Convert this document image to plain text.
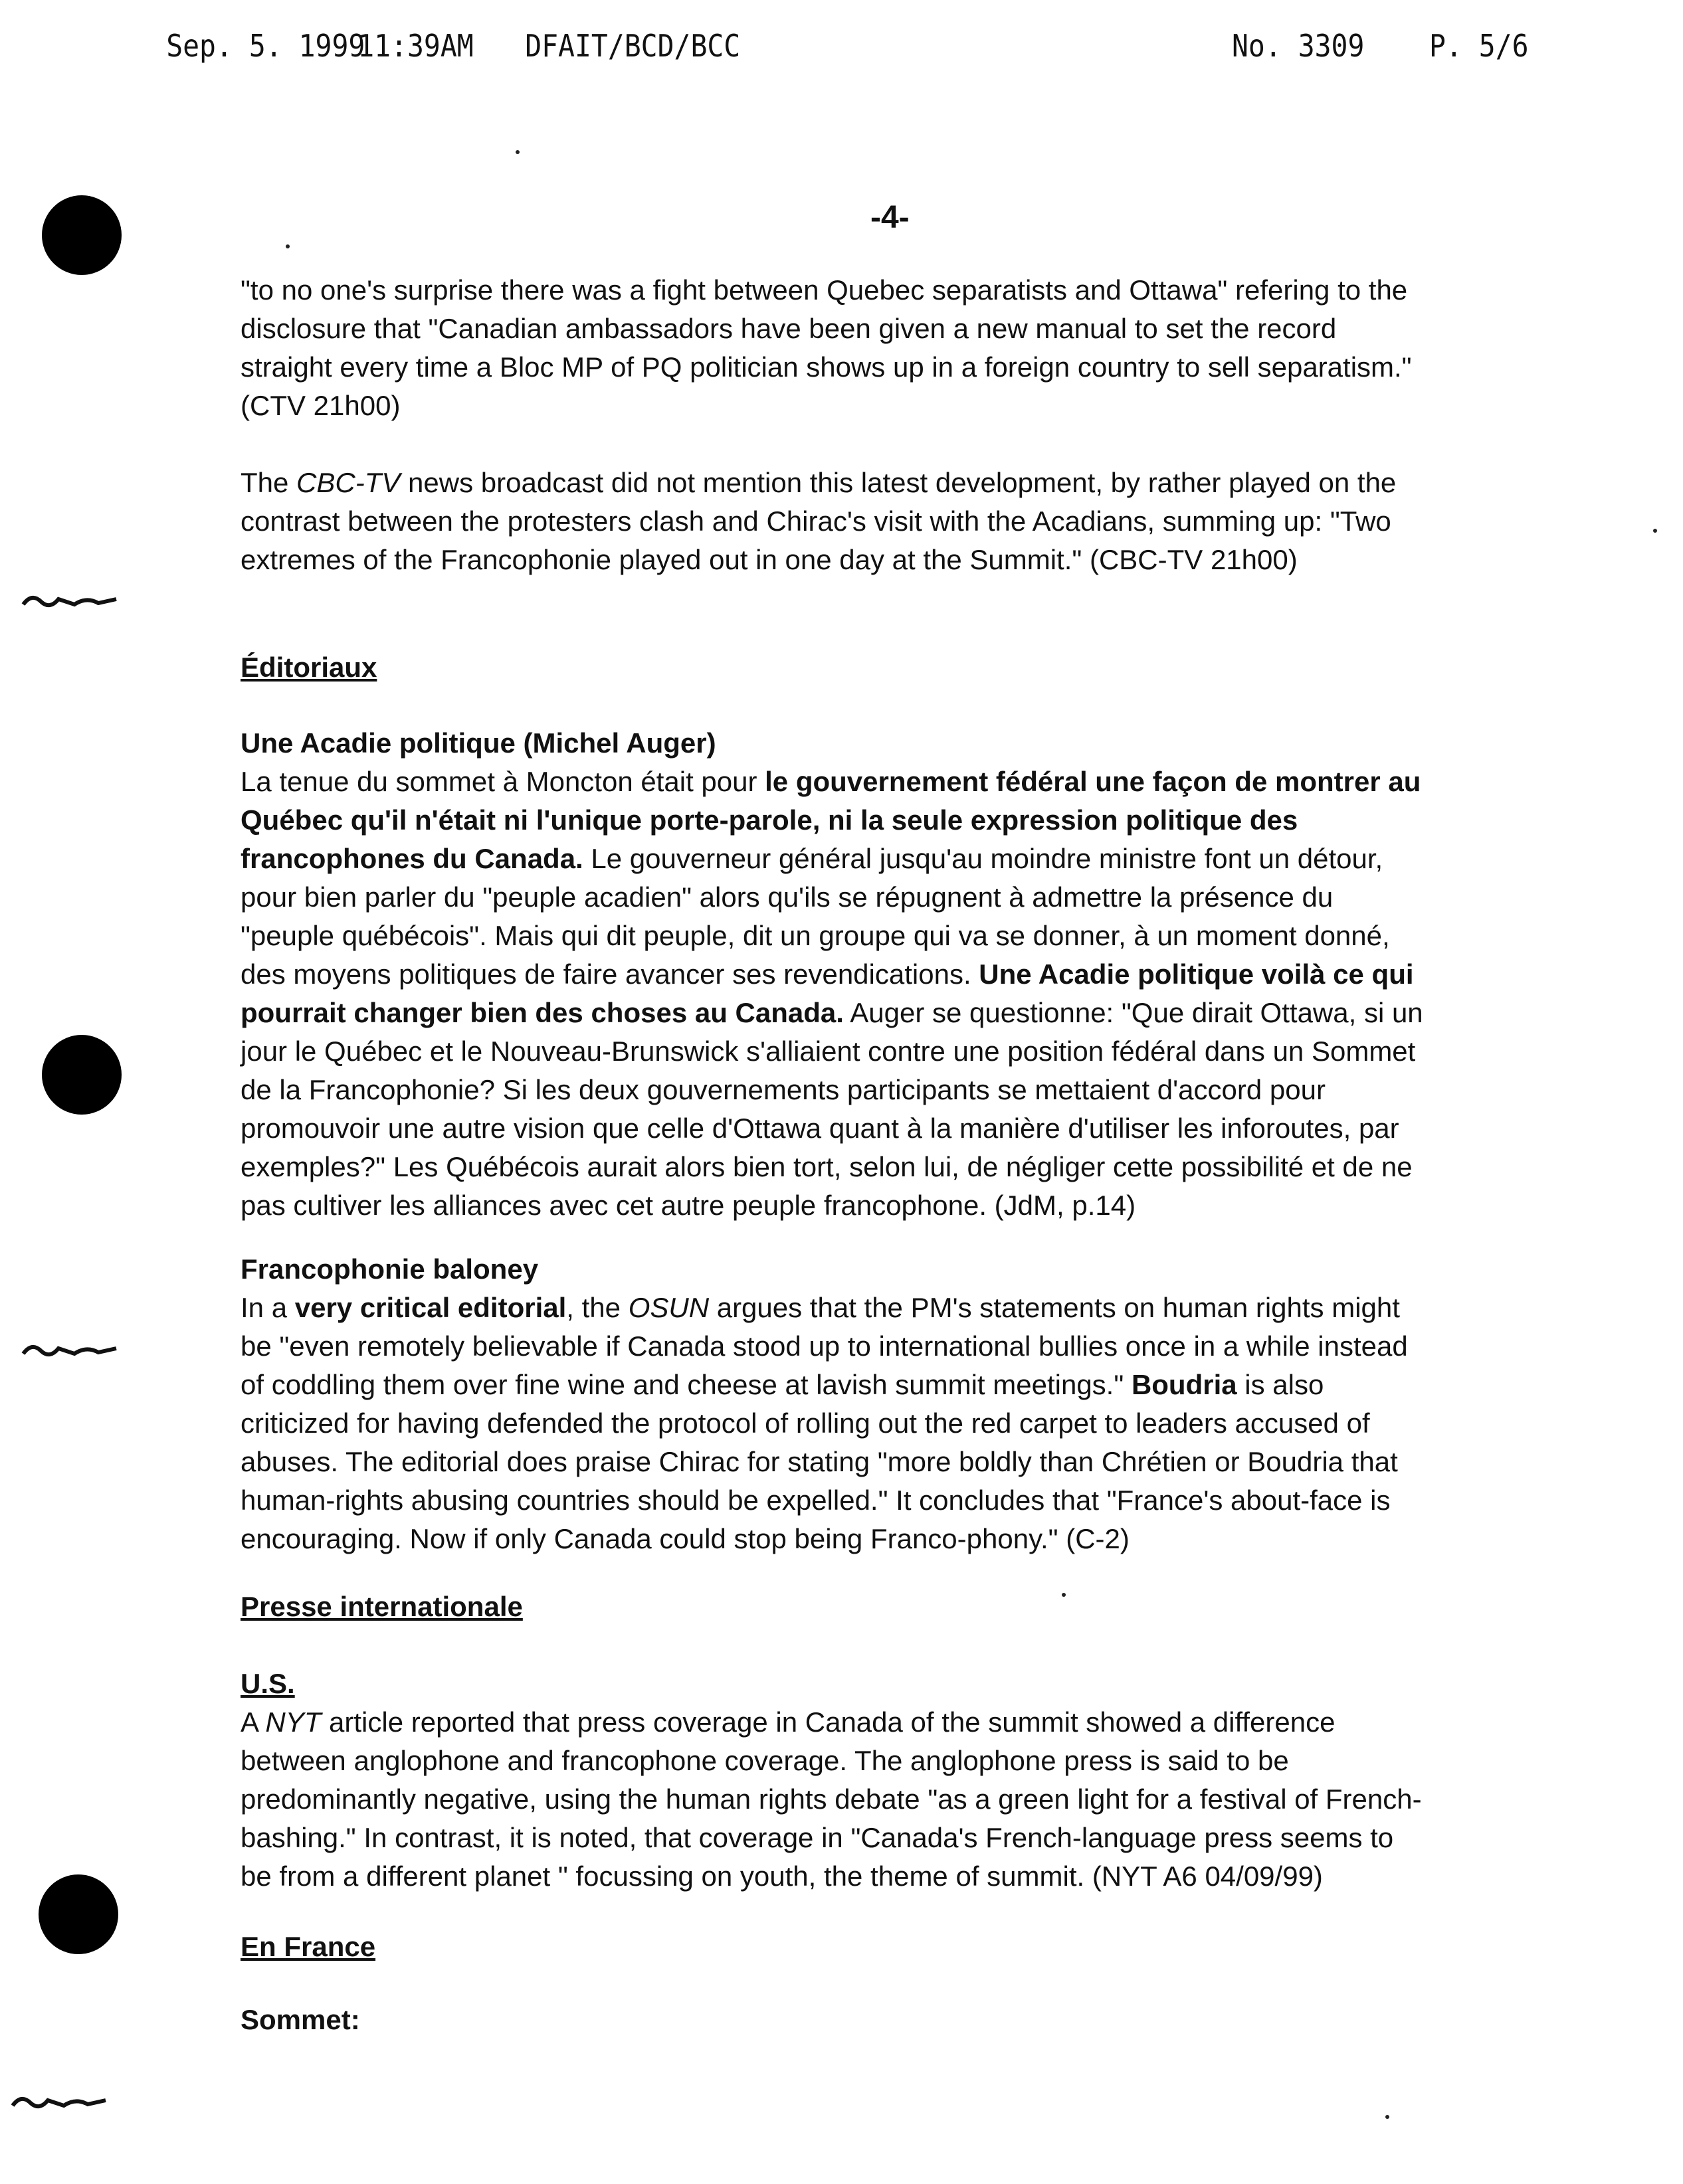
Sep. 5. 1999
11:39AM DFAIT/BCD/BCC	No. 3309 P. 5/6
-4-

"to no one's surprise there was a fight between Quebec separatists and Ottawa" refering to the

disclosure that "Canadian ambassadors have been given a new manual to set the record

straight every time a Bloc MP of PQ politician shows up in a foreign country to sell separatism."

(CTV 21h00)

The CBC-TV news broadcast did not mention this latest development, by rather played on the

contrast between the protesters clash and Chirac's visit with the Acadians, summing up: "Two

extremes of the Francophonie played out in one day at the Summit." (CBC-TV 21h00)

Éditoriaux

Une Acadie politique (Michel Auger)

La tenue du sommet à Moncton était pour le gouvernement fédéral une façon de montrer au

Québec qu'il n'était ni l'unique porte-parole, ni la seule expression politique des

francophones du Canada. Le gouverneur général jusqu'au moindre ministre font un détour,

pour bien parler du "peuple acadien" alors qu'ils se répugnent à admettre la présence du

"peuple québécois". Mais qui dit peuple, dit un groupe qui va se donner, à un moment donné,

des moyens politiques de faire avancer ses revendications. Une Acadie politique voilà ce qui

pourrait changer bien des choses au Canada. Auger se questionne: "Que dirait Ottawa, si un

jour le Québec et le Nouveau-Brunswick s'alliaient contre une position fédéral dans un Sommet

de la Francophonie? Si les deux gouvernements participants se mettaient d'accord pour

promouvoir une autre vision que celle d'Ottawa quant à la manière d'utiliser les inforoutes, par

exemples?" Les Québécois aurait alors bien tort, selon lui, de négliger cette possibilité et de ne

pas cultiver les alliances avec cet autre peuple francophone. (JdM, p.14)

Francophonie baloney

In a very critical editorial, the OSUN argues that the PM's statements on human rights might

be "even remotely believable if Canada stood up to international bullies once in a while instead

of coddling them over fine wine and cheese at lavish summit meetings." Boudria is also

criticized for having defended the protocol of rolling out the red carpet to leaders accused of

abuses. The editorial does praise Chirac for stating "more boldly than Chrétien or Boudria that

human-rights abusing countries should be expelled." It concludes that "France's about-face is

encouraging. Now if only Canada could stop being Franco-phony." (C-2)

Presse internationale

U.S.

A NYT article reported that press coverage in Canada of the summit showed a difference

between anglophone and francophone coverage. The anglophone press is said to be

predominantly negative, using the human rights debate "as a green light for a festival of French-

bashing." In contrast, it is noted, that coverage in "Canada's French-language press seems to

be from a different planet " focussing on youth, the theme of summit. (NYT A6 04/09/99)

En France

Sommet:
